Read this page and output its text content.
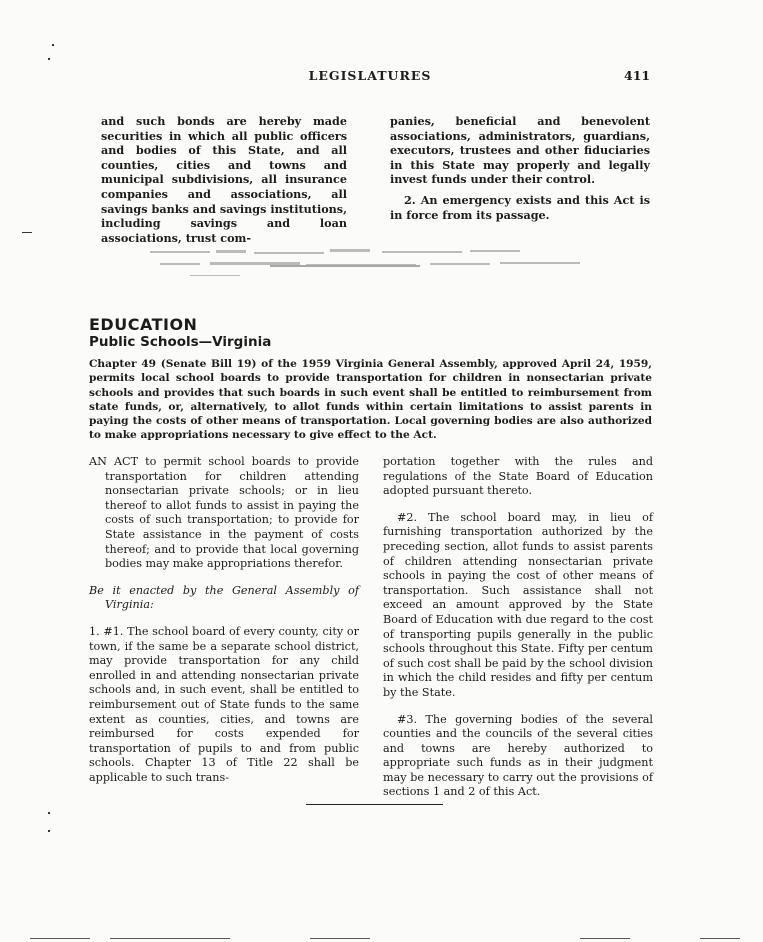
LEGISLATURES	411

and such bonds are hereby made securities in which all public officers and bodies of this State, and all counties, cities and towns and municipal subdivisions, all insurance companies and associations, all savings banks and savings institutions, including savings and loan associations, trust com-

panies, beneficial and benevolent associations, administrators, guardians, executors, trustees and other fiduciaries in this State may properly and legally invest funds under their control.

2. An emergency exists and this Act is in force from its passage.

EDUCATION
Public Schools—Virginia
Chapter 49 (Senate Bill 19) of the 1959 Virginia General Assembly, approved April 24, 1959, permits local school boards to provide transportation for children in nonsectarian private schools and provides that such boards in such event shall be entitled to reimbursement from state funds, or, alternatively, to allot funds within certain limitations to assist parents in paying the costs of other means of transportation. Local governing bodies are also authorized to make appropriations necessary to give effect to the Act.

AN ACT to permit school boards to provide transportation for children attending nonsectarian private schools; or in lieu thereof to allot funds to assist in paying the costs of such transportation; to provide for State assistance in the payment of costs thereof; and to provide that local governing bodies may make appropriations therefor.

Be it enacted by the General Assembly of Virginia:

1. #1. The school board of every county, city or town, if the same be a separate school district, may provide transportation for any child enrolled in and attending nonsectarian private schools and, in such event, shall be entitled to reimbursement out of State funds to the same extent as counties, cities, and towns are reimbursed for costs expended for transportation of pupils to and from public schools. Chapter 13 of Title 22 shall be applicable to such trans-

portation together with the rules and regulations of the State Board of Education adopted pursuant thereto.

#2. The school board may, in lieu of furnishing transportation authorized by the preceding section, allot funds to assist parents of children attending nonsectarian private schools in paying the cost of other means of transportation. Such assistance shall not exceed an amount approved by the State Board of Education with due regard to the cost of transporting pupils generally in the public schools throughout this State. Fifty per centum of such cost shall be paid by the school division in which the child resides and fifty per centum by the State.

#3. The governing bodies of the several counties and the councils of the several cities and towns are hereby authorized to appropriate such funds as in their judgment may be necessary to carry out the provisions of sections 1 and 2 of this Act.
